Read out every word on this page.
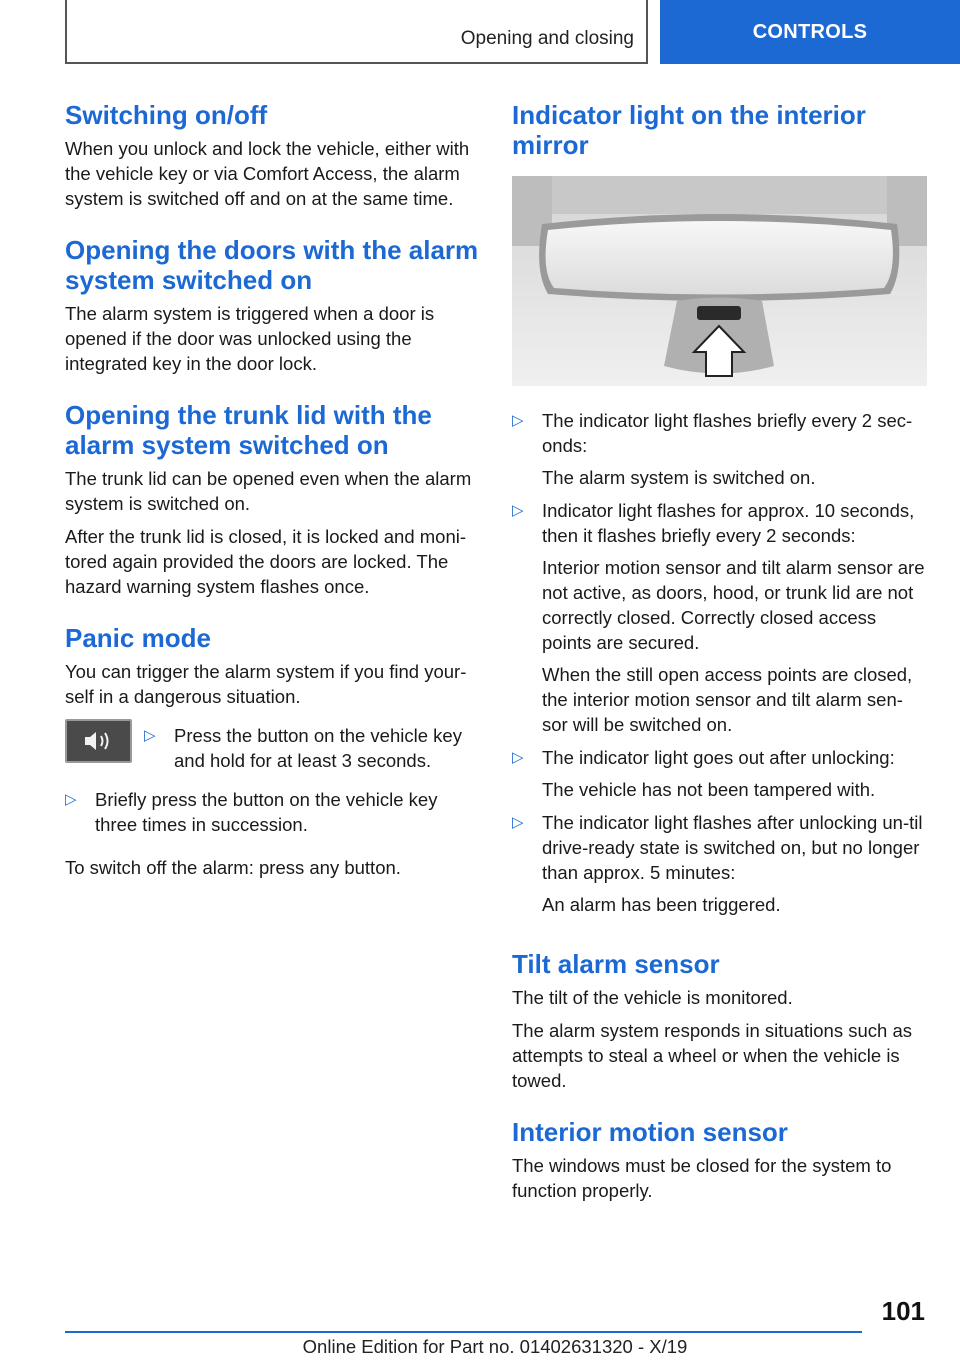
Opening and closing	CONTROLS
Switching on/off

When you unlock and lock the vehicle, either with the vehicle key or via Comfort Access, the alarm system is switched off and on at the same time.

Opening the doors with the alarm system switched on

The alarm system is triggered when a door is opened if the door was unlocked using the integrated key in the door lock.

Opening the trunk lid with the alarm system switched on

The trunk lid can be opened even when the alarm system is switched on.

After the trunk lid is closed, it is locked and moni‐tored again provided the doors are locked. The hazard warning system flashes once.

Panic mode

You can trigger the alarm system if you find your‐self in a dangerous situation.

▷ Press the button on the vehicle key and hold for at least 3 seconds.
▷ Briefly press the button on the vehicle key three times in succession.

To switch off the alarm: press any button.

Indicator light on the interior mirror
▷ The indicator light flashes briefly every 2 sec‐onds:
The alarm system is switched on.
▷ Indicator light flashes for approx. 10 seconds, then it flashes briefly every 2 seconds:
Interior motion sensor and tilt alarm sensor are not active, as doors, hood, or trunk lid are not correctly closed. Correctly closed access points are secured.
When the still open access points are closed, the interior motion sensor and tilt alarm sen‐sor will be switched on.
▷ The indicator light goes out after unlocking:
The vehicle has not been tampered with.
▷ The indicator light flashes after unlocking un‐til drive-ready state is switched on, but no longer than approx. 5 minutes:
An alarm has been triggered.
Tilt alarm sensor

The tilt of the vehicle is monitored.

The alarm system responds in situations such as attempts to steal a wheel or when the vehicle is towed.

Interior motion sensor

The windows must be closed for the system to function properly.

101
Online Edition for Part no. 01402631320 - X/19
